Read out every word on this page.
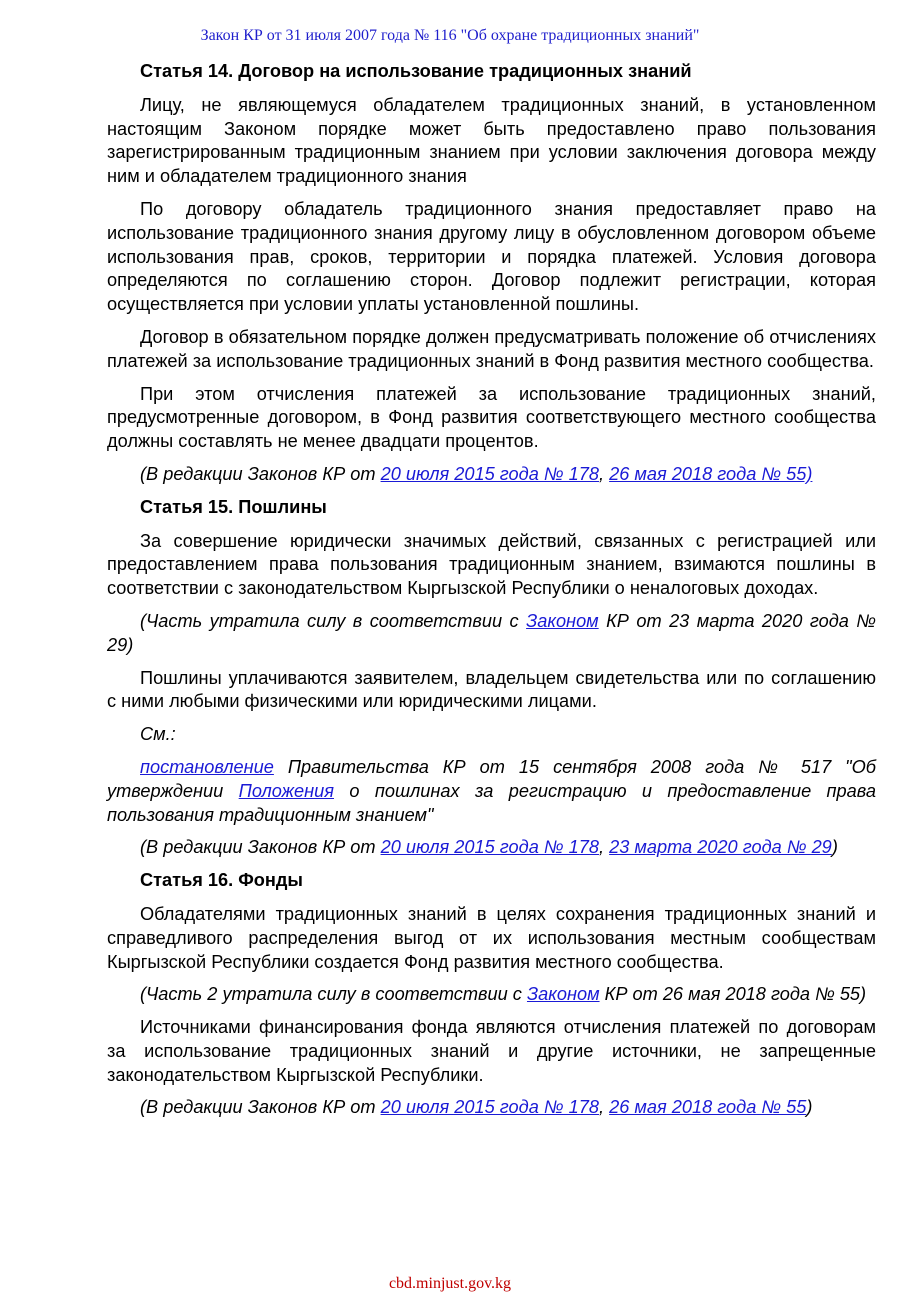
Закон КР от 31 июля 2007 года № 116 "Об охране традиционных знаний"

Статья 14. Договор на использование традиционных знаний

Лицу, не являющемуся обладателем традиционных знаний, в установленном настоящим Законом порядке может быть предоставлено право пользования зарегистрированным традиционным знанием при условии заключения договора между ним и обладателем традиционного знания

По договору обладатель традиционного знания предоставляет право на использование традиционного знания другому лицу в обусловленном договором объеме использования прав, сроков, территории и порядка платежей. Условия договора определяются по соглашению сторон. Договор подлежит регистрации, которая осуществляется при условии уплаты установленной пошлины.

Договор в обязательном порядке должен предусматривать положение об отчислениях платежей за использование традиционных знаний в Фонд развития местного сообщества.

При этом отчисления платежей за использование традиционных знаний, предусмотренные договором, в Фонд развития соответствующего местного сообщества должны составлять не менее двадцати процентов.

(В редакции Законов КР от 20 июля 2015 года № 178, 26 мая 2018 года № 55)

Статья 15. Пошлины

За совершение юридически значимых действий, связанных с регистрацией или предоставлением права пользования традиционным знанием, взимаются пошлины в соответствии с законодательством Кыргызской Республики о неналоговых доходах.

(Часть утратила силу в соответствии с Законом КР от 23 марта 2020 года № 29)

Пошлины уплачиваются заявителем, владельцем свидетельства или по соглашению с ними любыми физическими или юридическими лицами.

См.:

постановление Правительства КР от 15 сентября 2008 года № 517 "Об утверждении Положения о пошлинах за регистрацию и предоставление права пользования традиционным знанием"

(В редакции Законов КР от 20 июля 2015 года № 178, 23 марта 2020 года № 29)

Статья 16. Фонды

Обладателями традиционных знаний в целях сохранения традиционных знаний и справедливого распределения выгод от их использования местным сообществам Кыргызской Республики создается Фонд развития местного сообщества.

(Часть 2 утратила силу в соответствии с Законом КР от 26 мая 2018 года № 55)

Источниками финансирования фонда являются отчисления платежей по договорам за использование традиционных знаний и другие источники, не запрещенные законодательством Кыргызской Республики.

(В редакции Законов КР от 20 июля 2015 года № 178, 26 мая 2018 года № 55)

cbd.minjust.gov.kg
